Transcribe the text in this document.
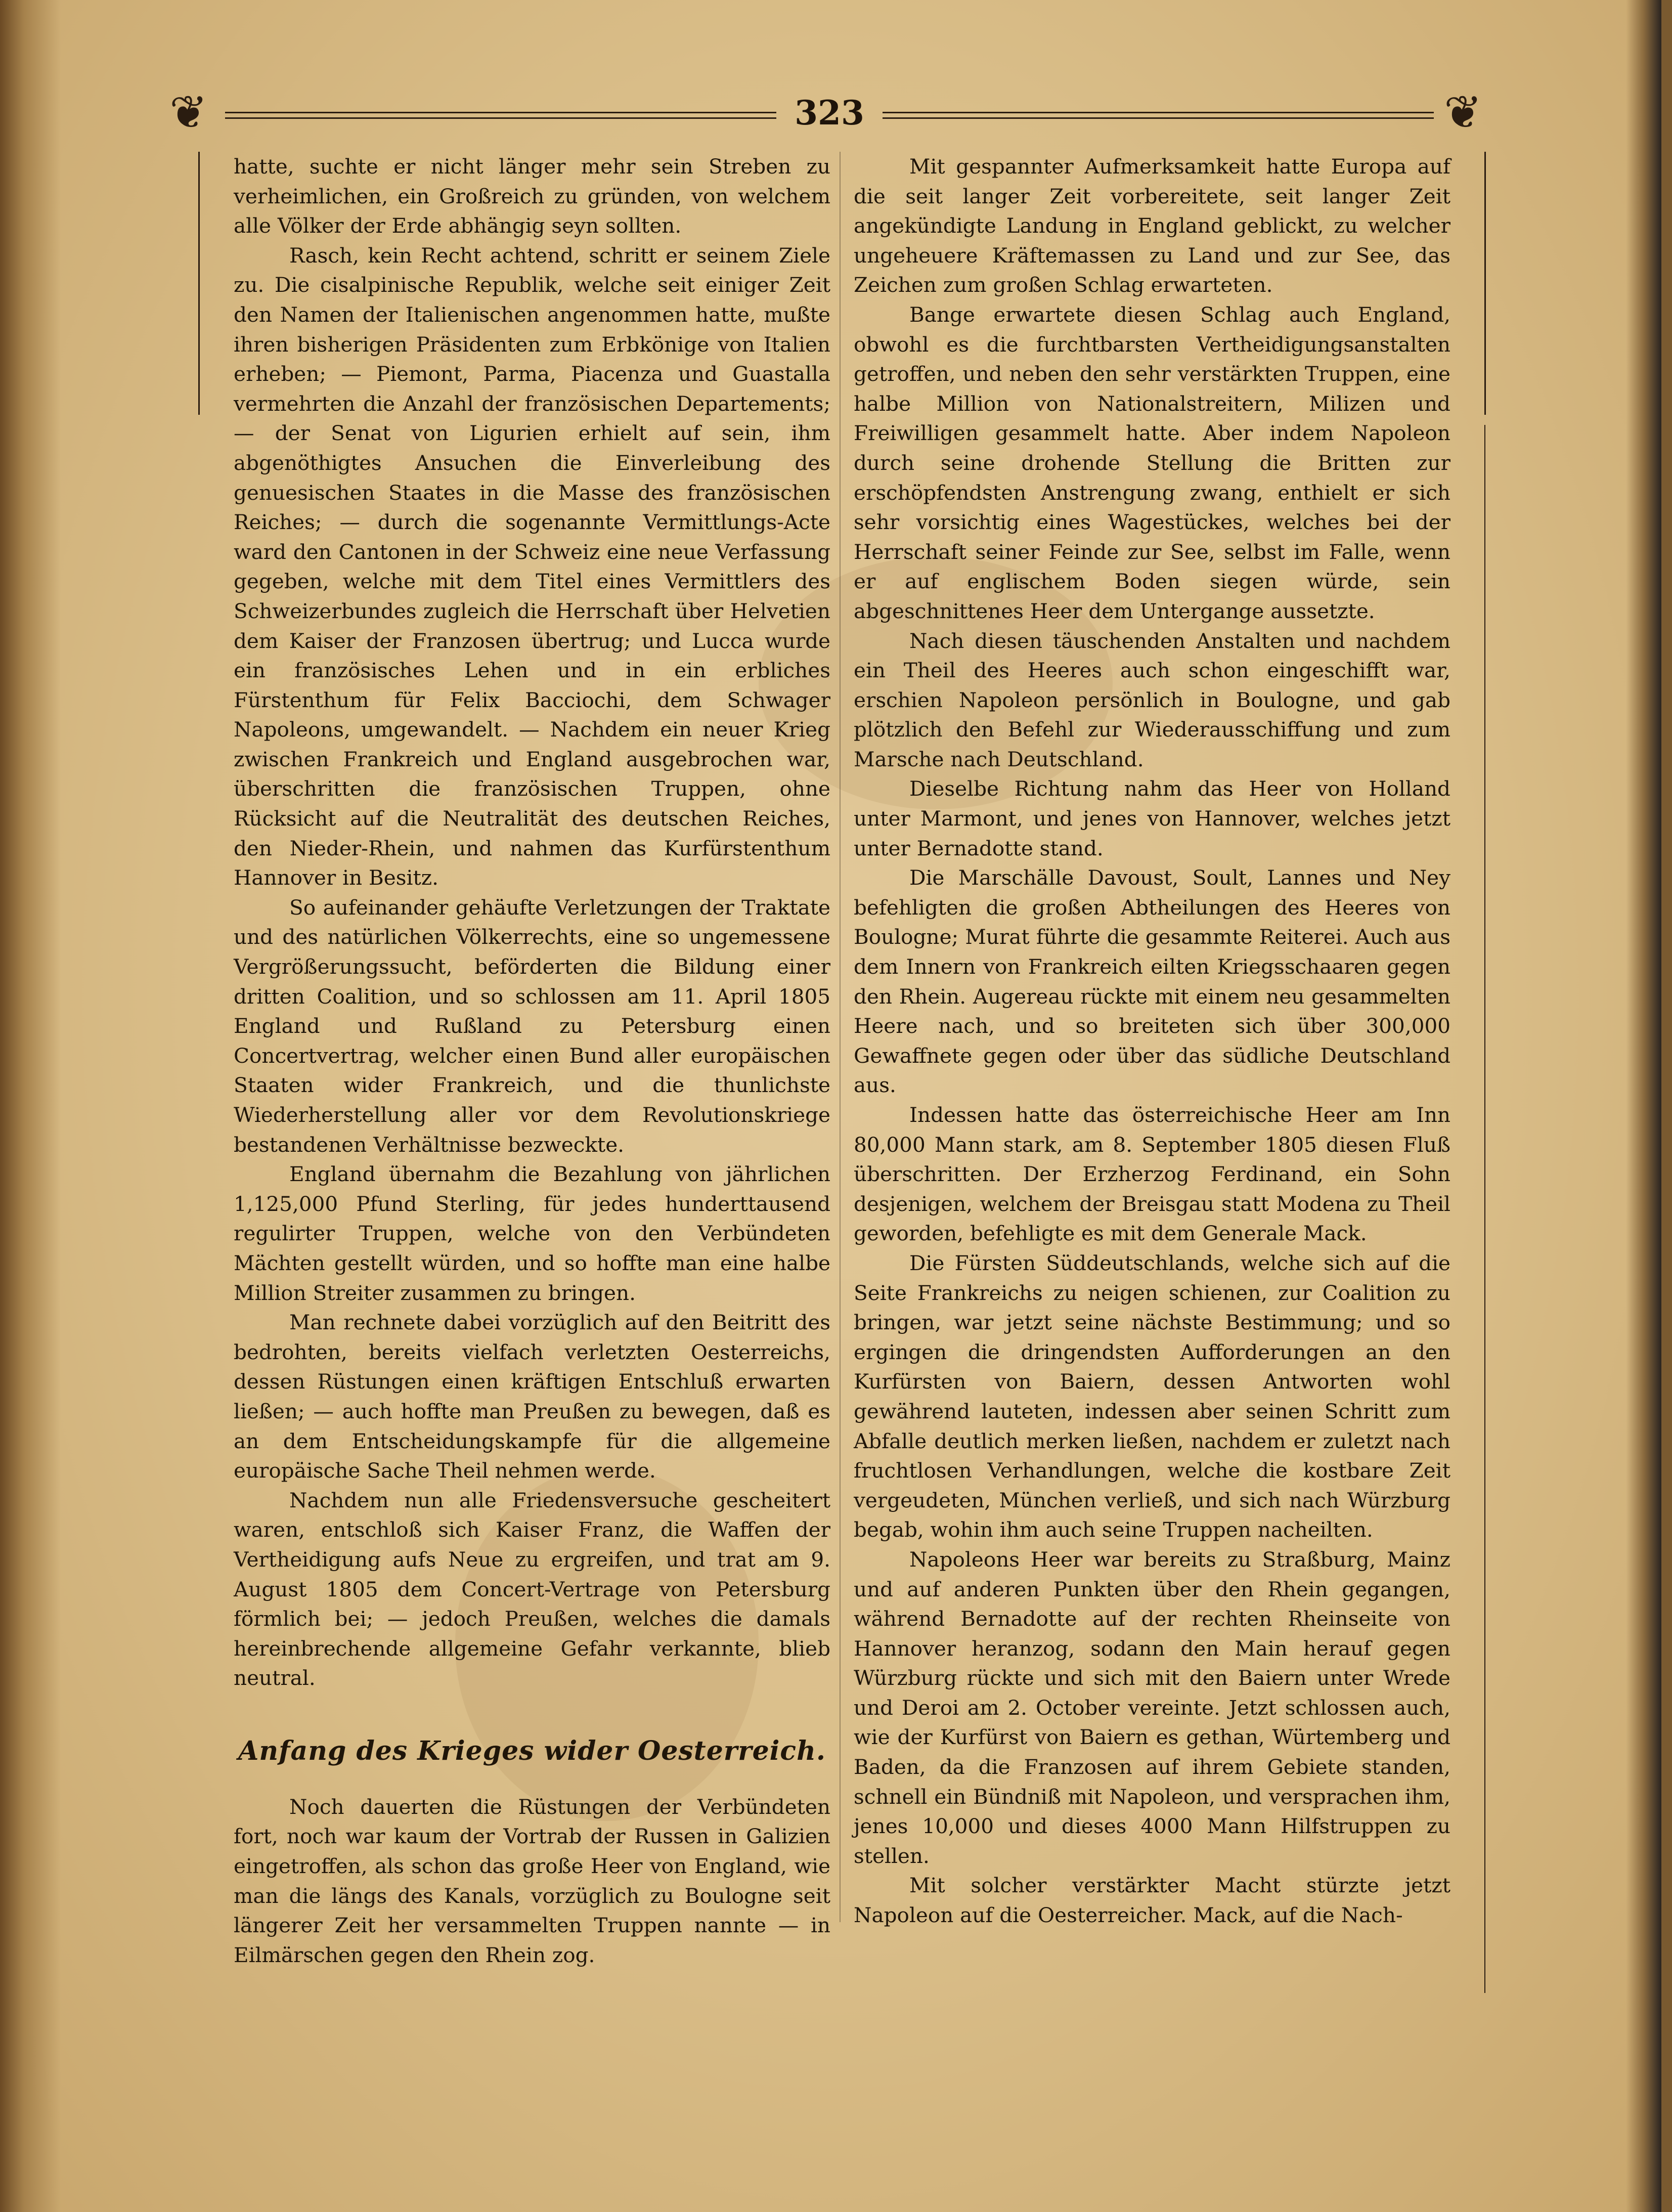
❦	323	❦

hatte, suchte er nicht länger mehr sein Streben zu verheimlichen, ein Großreich zu gründen, von welchem alle Völker der Erde abhängig seyn sollten.

Rasch, kein Recht achtend, schritt er seinem Ziele zu. Die cisalpinische Republik, welche seit einiger Zeit den Namen der Italienischen angenommen hatte, mußte ihren bisherigen Präsidenten zum Erbkönige von Italien erheben; — Piemont, Parma, Piacenza und Guastalla vermehrten die Anzahl der französischen Departements; — der Senat von Ligurien erhielt auf sein, ihm abgenöthigtes Ansuchen die Einverleibung des genuesischen Staates in die Masse des französischen Reiches; — durch die sogenannte Vermittlungs-Acte ward den Cantonen in der Schweiz eine neue Verfassung gegeben, welche mit dem Titel eines Vermittlers des Schweizerbundes zugleich die Herrschaft über Helvetien dem Kaiser der Franzosen übertrug; und Lucca wurde ein französisches Lehen und in ein erbliches Fürstenthum für Felix Bacciochi, dem Schwager Napoleons, umgewandelt. — Nachdem ein neuer Krieg zwischen Frankreich und England ausgebrochen war, überschritten die französischen Truppen, ohne Rücksicht auf die Neutralität des deutschen Reiches, den Nieder-Rhein, und nahmen das Kurfürstenthum Hannover in Besitz.

So aufeinander gehäufte Verletzungen der Traktate und des natürlichen Völkerrechts, eine so ungemessene Vergrößerungssucht, beförderten die Bildung einer dritten Coalition, und so schlossen am 11. April 1805 England und Rußland zu Petersburg einen Concertvertrag, welcher einen Bund aller europäischen Staaten wider Frankreich, und die thunlichste Wiederherstellung aller vor dem Revolutionskriege bestandenen Verhältnisse bezweckte.

England übernahm die Bezahlung von jährlichen 1,125,000 Pfund Sterling, für jedes hunderttausend regulirter Truppen, welche von den Verbündeten Mächten gestellt würden, und so hoffte man eine halbe Million Streiter zusammen zu bringen.

Man rechnete dabei vorzüglich auf den Beitritt des bedrohten, bereits vielfach verletzten Oesterreichs, dessen Rüstungen einen kräftigen Entschluß erwarten ließen; — auch hoffte man Preußen zu bewegen, daß es an dem Entscheidungskampfe für die allgemeine europäische Sache Theil nehmen werde.

Nachdem nun alle Friedensversuche gescheitert waren, entschloß sich Kaiser Franz, die Waffen der Vertheidigung aufs Neue zu ergreifen, und trat am 9. August 1805 dem Concert-Vertrage von Petersburg förmlich bei; — jedoch Preußen, welches die damals hereinbrechende allgemeine Gefahr verkannte, blieb neutral.

Anfang des Krieges wider Oesterreich.

Noch dauerten die Rüstungen der Verbündeten fort, noch war kaum der Vortrab der Russen in Galizien eingetroffen, als schon das große Heer von England, wie man die längs des Kanals, vorzüglich zu Boulogne seit längerer Zeit her versammelten Truppen nannte — in Eilmärschen gegen den Rhein zog.

Mit gespannter Aufmerksamkeit hatte Europa auf die seit langer Zeit vorbereitete, seit langer Zeit angekündigte Landung in England geblickt, zu welcher ungeheuere Kräftemassen zu Land und zur See, das Zeichen zum großen Schlag erwarteten.

Bange erwartete diesen Schlag auch England, obwohl es die furchtbarsten Vertheidigungsanstalten getroffen, und neben den sehr verstärkten Truppen, eine halbe Million von Nationalstreitern, Milizen und Freiwilligen gesammelt hatte. Aber indem Napoleon durch seine drohende Stellung die Britten zur erschöpfendsten Anstrengung zwang, enthielt er sich sehr vorsichtig eines Wagestückes, welches bei der Herrschaft seiner Feinde zur See, selbst im Falle, wenn er auf englischem Boden siegen würde, sein abgeschnittenes Heer dem Untergange aussetzte.

Nach diesen täuschenden Anstalten und nachdem ein Theil des Heeres auch schon eingeschifft war, erschien Napoleon persönlich in Boulogne, und gab plötzlich den Befehl zur Wiederausschiffung und zum Marsche nach Deutschland.

Dieselbe Richtung nahm das Heer von Holland unter Marmont, und jenes von Hannover, welches jetzt unter Bernadotte stand.

Die Marschälle Davoust, Soult, Lannes und Ney befehligten die großen Abtheilungen des Heeres von Boulogne; Murat führte die gesammte Reiterei. Auch aus dem Innern von Frankreich eilten Kriegsschaaren gegen den Rhein. Augereau rückte mit einem neu gesammelten Heere nach, und so breiteten sich über 300,000 Gewaffnete gegen oder über das südliche Deutschland aus.

Indessen hatte das österreichische Heer am Inn 80,000 Mann stark, am 8. September 1805 diesen Fluß überschritten. Der Erzherzog Ferdinand, ein Sohn desjenigen, welchem der Breisgau statt Modena zu Theil geworden, befehligte es mit dem Generale Mack.

Die Fürsten Süddeutschlands, welche sich auf die Seite Frankreichs zu neigen schienen, zur Coalition zu bringen, war jetzt seine nächste Bestimmung; und so ergingen die dringendsten Aufforderungen an den Kurfürsten von Baiern, dessen Antworten wohl gewährend lauteten, indessen aber seinen Schritt zum Abfalle deutlich merken ließen, nachdem er zuletzt nach fruchtlosen Verhandlungen, welche die kostbare Zeit vergeudeten, München verließ, und sich nach Würzburg begab, wohin ihm auch seine Truppen nacheilten.

Napoleons Heer war bereits zu Straßburg, Mainz und auf anderen Punkten über den Rhein gegangen, während Bernadotte auf der rechten Rheinseite von Hannover heranzog, sodann den Main herauf gegen Würzburg rückte und sich mit den Baiern unter Wrede und Deroi am 2. October vereinte. Jetzt schlossen auch, wie der Kurfürst von Baiern es gethan, Würtemberg und Baden, da die Franzosen auf ihrem Gebiete standen, schnell ein Bündniß mit Napoleon, und versprachen ihm, jenes 10,000 und dieses 4000 Mann Hilfstruppen zu stellen.

Mit solcher verstärkter Macht stürzte jetzt Napoleon auf die Oesterreicher. Mack, auf die Nach-
